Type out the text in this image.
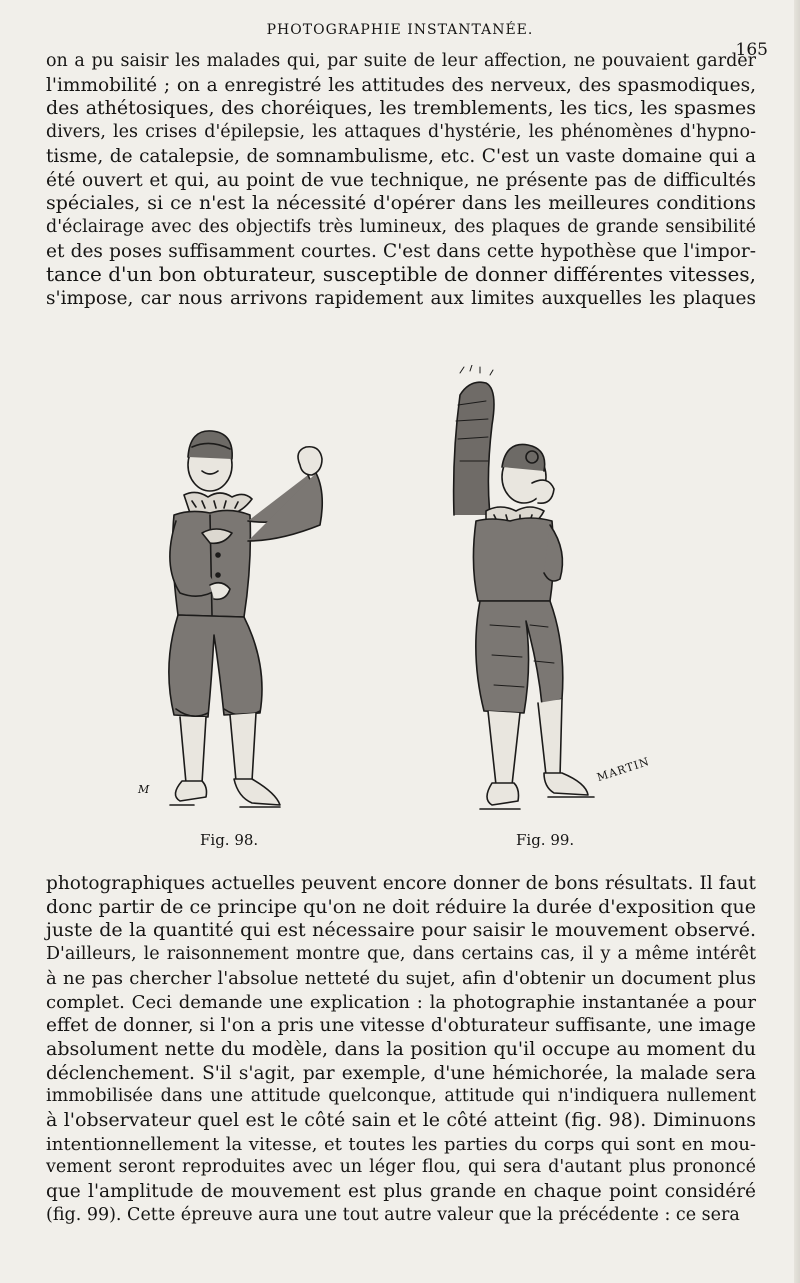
PHOTOGRAPHIE INSTANTANÉE.
165
on a pu saisir les malades qui, par suite de leur affection, ne pouvaient garder
l'immobilité ; on a enregistré les attitudes des nerveux, des spasmodiques,
des athétosiques, des choréiques, les tremblements, les tics, les spasmes
divers, les crises d'épilepsie, les attaques d'hystérie, les phénomènes d'hypno-
tisme, de catalepsie, de somnambulisme, etc. C'est un vaste domaine qui a
été ouvert et qui, au point de vue technique, ne présente pas de difficultés
spéciales, si ce n'est la nécessité d'opérer dans les meilleures conditions
d'éclairage avec des objectifs très lumineux, des plaques de grande sensibilité
et des poses suffisamment courtes. C'est dans cette hypothèse que l'impor-
tance d'un bon obturateur, susceptible de donner différentes vitesses,
s'impose, car nous arrivons rapidement aux limites auxquelles les plaques
M
Fig. 98.
MARTIN
Fig. 99.
photographiques actuelles peuvent encore donner de bons résultats. Il faut
donc partir de ce principe qu'on ne doit réduire la durée d'exposition que
juste de la quantité qui est nécessaire pour saisir le mouvement observé.
D'ailleurs, le raisonnement montre que, dans certains cas, il y a même intérêt
à ne pas chercher l'absolue netteté du sujet, afin d'obtenir un document plus
complet. Ceci demande une explication : la photographie instantanée a pour
effet de donner, si l'on a pris une vitesse d'obturateur suffisante, une image
absolument nette du modèle, dans la position qu'il occupe au moment du
déclenchement. S'il s'agit, par exemple, d'une hémichorée, la malade sera
immobilisée dans une attitude quelconque, attitude qui n'indiquera nullement
à l'observateur quel est le côté sain et le côté atteint (fig. 98). Diminuons
intentionnellement la vitesse, et toutes les parties du corps qui sont en mou-
vement seront reproduites avec un léger flou, qui sera d'autant plus prononcé
que l'amplitude de mouvement est plus grande en chaque point considéré
(fig. 99). Cette épreuve aura une tout autre valeur que la précédente : ce sera
